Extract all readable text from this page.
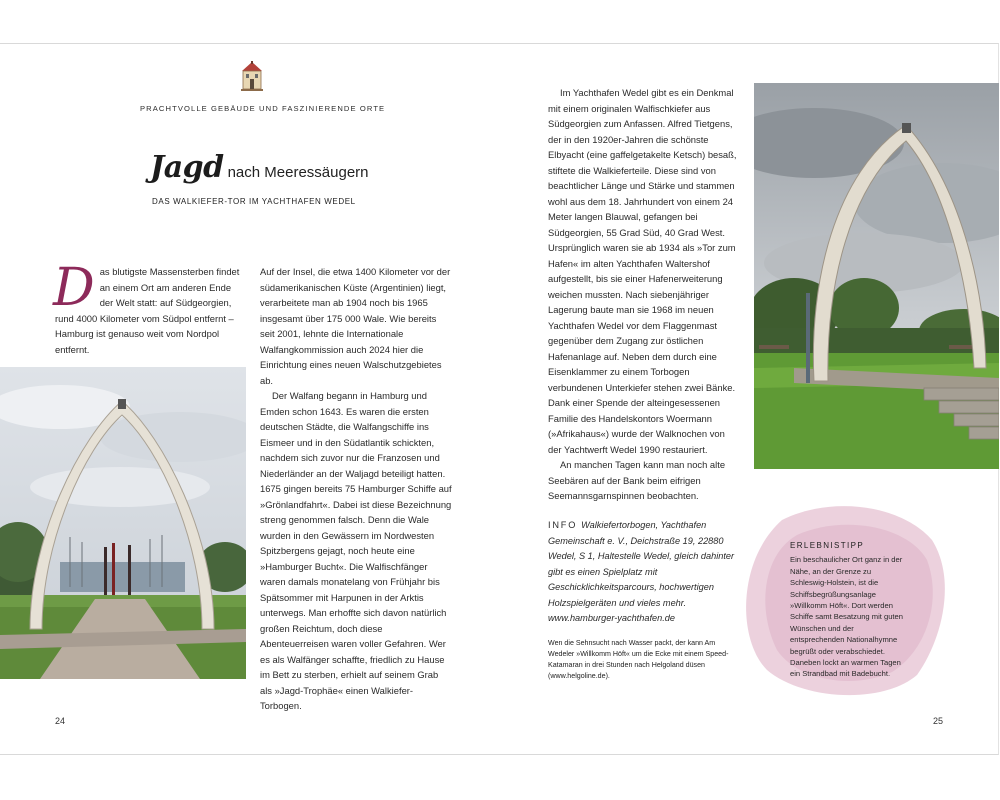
PRACHTVOLLE GEBÄUDE UND FASZINIERENDE ORTE
Jagd nach Meeressäugern
DAS WALKIEFER-TOR IM YACHTHAFEN WEDEL
D as blutigste Massensterben findet an einem Ort am anderen Ende der Welt statt: auf Südgeorgien, rund 4000 Kilometer vom Südpol entfernt – Hamburg ist genauso weit vom Nordpol entfernt.

Auf der Insel, die etwa 1400 Kilometer vor der südamerikanischen Küste (Argentinien) liegt, verarbeitete man ab 1904 noch bis 1965 insgesamt über 175 000 Wale. Wie bereits seit 2001, lehnte die Internationale Walfangkommission auch 2024 hier die Einrichtung eines neuen Walschutzgebietes ab.

Der Walfang begann in Hamburg und Emden schon 1643. Es waren die ersten deutschen Städte, die Walfangschiffe ins Eismeer und in den Südatlantik schickten, nachdem sich zuvor nur die Franzosen und Niederländer an der Waljagd beteiligt hatten. 1675 gingen bereits 75 Hamburger Schiffe auf »Grönlandfahrt«. Dabei ist diese Bezeichnung streng genommen falsch. Denn die Wale wurden in den Gewässern im Nordwesten Spitzbergens gejagt, noch heute eine »Hamburger Bucht«. Die Walfischfänger waren damals monatelang von Frühjahr bis Spätsommer mit Harpunen in der Arktis unterwegs. Man erhoffte sich davon natürlich großen Reichtum, doch diese Abenteuerreisen waren voller Gefahren. Wer es als Walfänger schaffte, friedlich zu Hause im Bett zu sterben, erhielt auf seinem Grab als »Jagd-Trophäe« einen Walkiefer-Torbogen.

Im Yachthafen Wedel gibt es ein Denkmal mit einem originalen Walfischkiefer aus Südgeorgien zum Anfassen. Alfred Tietgens, der in den 1920er-Jahren die schönste Elbyacht (eine gaffelgetakelte Ketsch) besaß, stiftete die Walkieferteile. Diese sind von beachtlicher Länge und Stärke und stammen wohl aus dem 18. Jahrhundert von einem 24 Meter langen Blauwal, gefangen bei Südgeorgien, 55 Grad Süd, 40 Grad West. Ursprünglich waren sie ab 1934 als »Tor zum Hafen« im alten Yachthafen Waltershof aufgestellt, bis sie einer Hafenerweiterung weichen mussten. Nach siebenjähriger Lagerung baute man sie 1968 im neuen Yachthafen Wedel vor dem Flaggenmast gegenüber dem Zugang zur östlichen Hafenanlage auf. Neben dem durch eine Eisenklammer zu einem Torbogen verbundenen Unterkiefer stehen zwei Bänke. Dank einer Spende der alteingesessenen Familie des Handelskontors Woermann (»Afrikahaus«) wurde der Walknochen von der Yachtwerft Wedel 1990 restauriert.

An manchen Tagen kann man noch alte Seebären auf der Bank beim eifrigen Seemannsgarnspinnen beobachten.

INFO Walkiefertorbogen, Yachthafen Gemeinschaft e. V., Deichstraße 19, 22880 Wedel, S 1, Haltestelle Wedel, gleich dahinter gibt es einen Spielplatz mit Geschicklichkeitsparcours, hochwertigen Holzspielgeräten und vieles mehr. www.hamburger-yachthafen.de
Wen die Sehnsucht nach Wasser packt, der kann Am Wedeler »Willkomm Höft« um die Ecke mit einem Speed-Katamaran in drei Stunden nach Helgoland düsen (www.helgoline.de).
ERLEBNISTIPP
Ein beschaulicher Ort ganz in der Nähe, an der Grenze zu Schleswig-Holstein, ist die Schiffsbegrüßungsanlage »Willkomm Höft«. Dort werden Schiffe samt Besatzung mit guten Wünschen und der entsprechenden Nationalhymne begrüßt oder verabschiedet. Daneben lockt an warmen Tagen ein Strandbad mit Badebucht.
24	25
